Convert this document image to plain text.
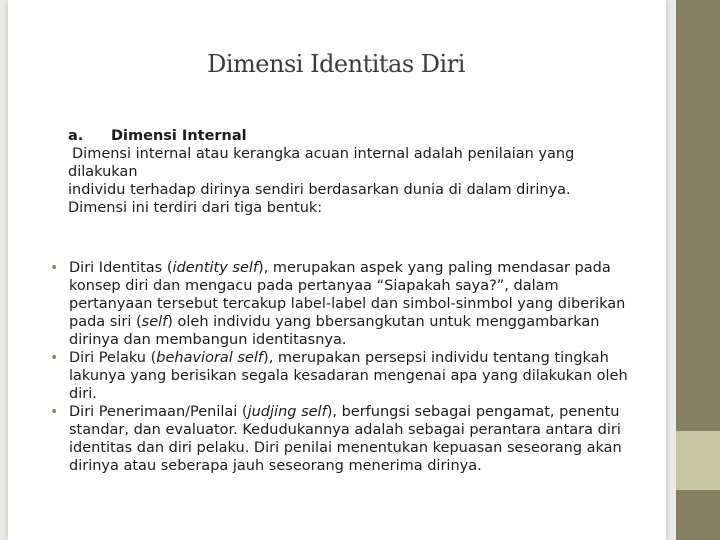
Dimensi Identitas Diri
a.	Dimensi Internal

Dimensi internal atau kerangka acuan internal adalah penilaian yang

dilakukan

individu terhadap dirinya sendiri berdasarkan dunia di dalam dirinya.

Dimensi ini terdiri dari tiga bentuk:

• Diri Identitas (identity self), merupakan aspek yang paling mendasar pada konsep diri dan mengacu pada pertanyaa “Siapakah saya?”, dalam pertanyaan tersebut tercakup label-label dan simbol-sinmbol yang diberikan pada siri (self) oleh individu yang bbersangkutan untuk menggambarkan dirinya dan membangun identitasnya.
• Diri Pelaku (behavioral self), merupakan persepsi individu tentang tingkah lakunya yang berisikan segala kesadaran mengenai apa yang dilakukan oleh diri.
• Diri Penerimaan/Penilai (judjing self), berfungsi sebagai pengamat, penentu standar, dan evaluator. Kedudukannya adalah sebagai perantara antara diri identitas dan diri pelaku. Diri penilai menentukan kepuasan seseorang akan dirinya atau seberapa jauh seseorang menerima dirinya.
